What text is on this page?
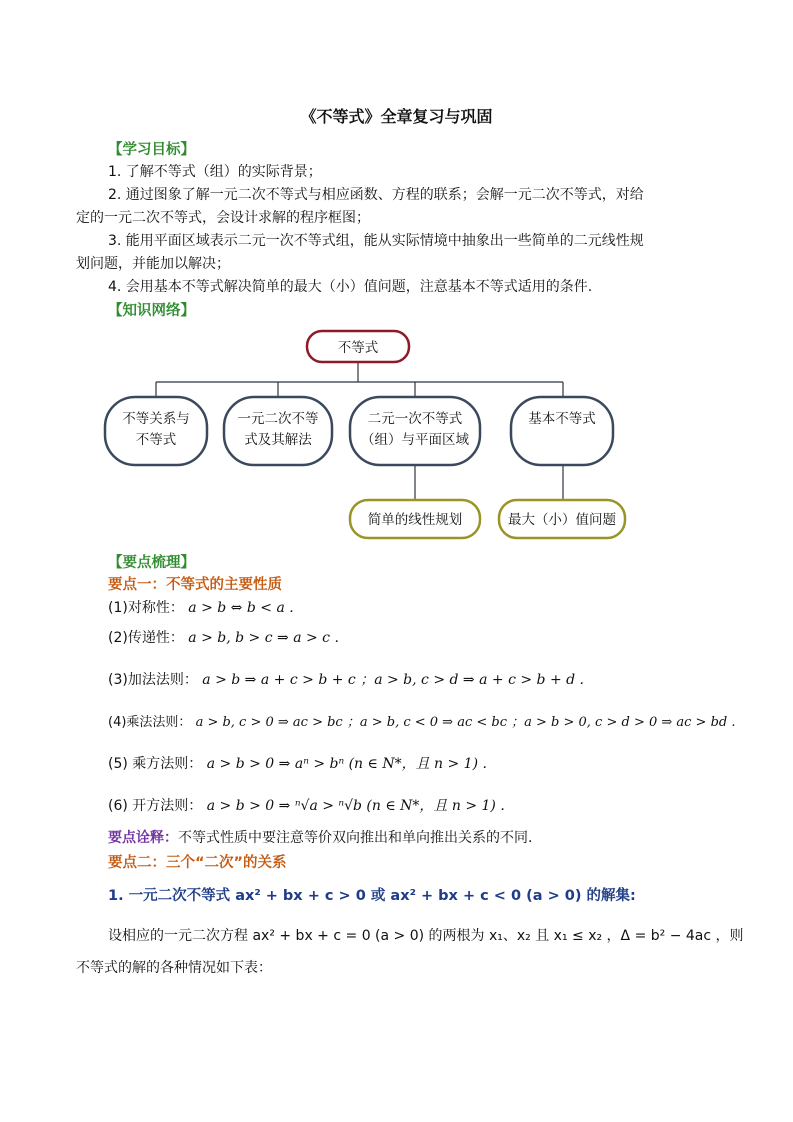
《不等式》全章复习与巩固
【学习目标】
1. 了解不等式（组）的实际背景；
2. 通过图象了解一元二次不等式与相应函数、方程的联系；会解一元二次不等式，对给
定的一元二次不等式，会设计求解的程序框图；
3. 能用平面区域表示二元一次不等式组，能从实际情境中抽象出一些简单的二元线性规
划问题，并能加以解决；
4. 会用基本不等式解决简单的最大（小）值问题，注意基本不等式适用的条件.
【知识网络】
不等式
不等关系与
不等式
一元二次不等
式及其解法
二元一次不等式
（组）与平面区域
基本不等式
简单的线性规划	最大（小）值问题
【要点梳理】
要点一：不等式的主要性质
(1)对称性： a > b ⇔ b < a .
(2)传递性： a > b, b > c ⇒ a > c .
(3)加法法则： a > b ⇒ a + c > b + c ；a > b, c > d ⇒ a + c > b + d .
(4)乘法法则： a > b, c > 0 ⇒ ac > bc ；a > b, c < 0 ⇒ ac < bc ；a > b > 0, c > d > 0 ⇒ ac > bd .
(5) 乘方法则： a > b > 0 ⇒ aⁿ > bⁿ (n ∈ N*，且 n > 1) .
(6) 开方法则： a > b > 0 ⇒ ⁿ√a > ⁿ√b (n ∈ N*，且 n > 1) .
要点诠释：不等式性质中要注意等价双向推出和单向推出关系的不同.
要点二：三个“二次”的关系
1. 一元二次不等式 ax² + bx + c > 0 或 ax² + bx + c < 0 (a > 0) 的解集:
设相应的一元二次方程 ax² + bx + c = 0 (a > 0) 的两根为 x₁、x₂ 且 x₁ ≤ x₂ ，Δ = b² − 4ac ，则
不等式的解的各种情况如下表：
